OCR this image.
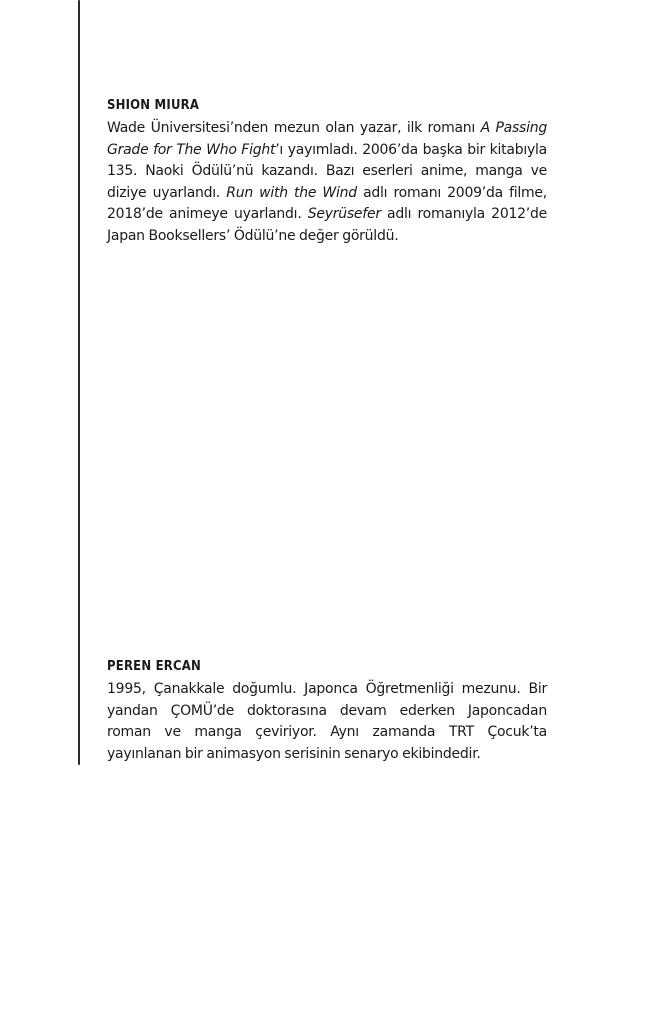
SHION MIURA

Wade Üniversitesi’nden mezun olan yazar, ilk romanı A Passing Grade for The Who Fight’ı yayımladı. 2006’da başka bir kitabıyla 135. Naoki Ödülü’nü kazandı. Bazı eserleri anime, manga ve diziye uyarlandı. Run with the Wind adlı romanı 2009’da filme, 2018’de animeye uyarlandı. Seyrüsefer adlı romanıyla 2012’de Japan Booksellers’ Ödülü’ne değer görüldü.

PEREN ERCAN

1995, Çanakkale doğumlu. Japonca Öğretmenliği mezunu. Bir yandan ÇOMÜ’de doktorasına devam ederken Japoncadan roman ve manga çeviriyor. Aynı zamanda TRT Çocuk’ta yayınlanan bir animasyon serisinin senaryo ekibindedir.
